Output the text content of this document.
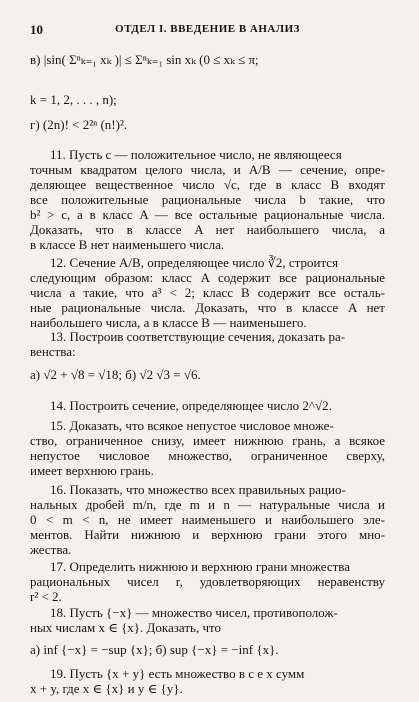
10	ОТДЕЛ I. ВВЕДЕНИЕ В АНАЛИЗ
в) |sin( Σⁿₖ₌₁ xₖ )| ≤ Σⁿₖ₌₁ sin xₖ (0 ≤ xₖ ≤ π;
k = 1, 2, . . . , n);
г) (2n)! < 2²ⁿ (n!)².
11. Пусть c — положительное число, не являющееся
точным квадратом целого числа, и A/B — сечение, опре-
деляющее вещественное число √c, где в класс B входят
все положительные рациональные числа b такие, что
b² > c, а в класс A — все остальные рациональные числа.
Доказать, что в классе A нет наибольшего числа, а
в классе B нет наименьшего числа.
12. Сечение A/B, определяющее число ∛2, строится
следующим образом: класс A содержит все рациональные
числа a такие, что a³ < 2; класс B содержит все осталь-
ные рациональные числа. Доказать, что в классе A нет
наибольшего числа, а в классе B — наименьшего.
13. Построив соответствующие сечения, доказать ра-
венства:
а) √2 + √8 = √18; б) √2 √3 = √6.
14. Построить сечение, определяющее число 2^√2.
15. Доказать, что всякое непустое числовое множе-
ство, ограниченное снизу, имеет нижнюю грань, а всякое
непустое числовое множество, ограниченное сверху,
имеет верхнюю грань.
16. Показать, что множество всех правильных рацио-
нальных дробей m/n, где m и n — натуральные числа и
0 < m < n, не имеет наименьшего и наибольшего эле-
ментов. Найти нижнюю и верхнюю грани этого мно-
жества.
17. Определить нижнюю и верхнюю грани множества
рациональных чисел r, удовлетворяющих неравенству
r² < 2.
18. Пусть {−x} — множество чисел, противополож-
ных числам x ∈ {x}. Доказать, что
а) inf {−x} = −sup {x}; б) sup {−x} = −inf {x}.
19. Пусть {x + y} есть множество в с е х сумм
x + y, где x ∈ {x} и y ∈ {y}.
